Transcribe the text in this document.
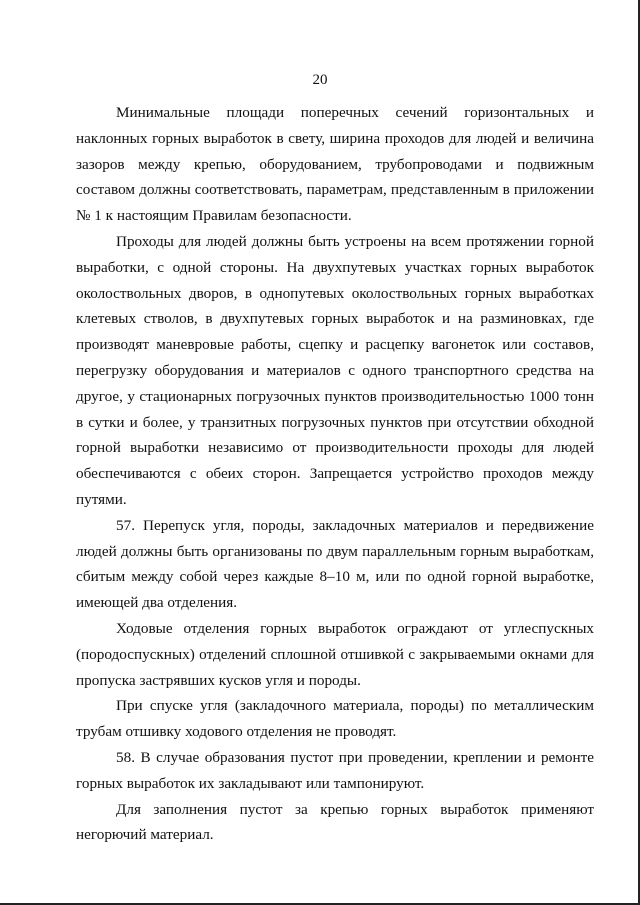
20

Минимальные площади поперечных сечений горизонтальных и наклонных горных выработок в свету, ширина проходов для людей и величина зазоров между крепью, оборудованием, трубопроводами и подвижным составом должны соответствовать, параметрам, представленным в приложении № 1 к настоящим Правилам безопасности.

Проходы для людей должны быть устроены на всем протяжении горной выработки, с одной стороны. На двухпутевых участках горных выработок околоствольных дворов, в однопутевых околоствольных горных выработках клетевых стволов, в двухпутевых горных выработок и на разминовках, где производят маневровые работы, сцепку и расцепку вагонеток или составов, перегрузку оборудования и материалов с одного транспортного средства на другое, у стационарных погрузочных пунктов производительностью 1000 тонн в сутки и более, у транзитных погрузочных пунктов при отсутствии обходной горной выработки независимо от производительности проходы для людей обеспечиваются с обеих сторон. Запрещается устройство проходов между путями.

57. Перепуск угля, породы, закладочных материалов и передвижение людей должны быть организованы по двум параллельным горным выработкам, сбитым между собой через каждые 8–10 м, или по одной горной выработке, имеющей два отделения.

Ходовые отделения горных выработок ограждают от углеспускных (породоспускных) отделений сплошной отшивкой с закрываемыми окнами для пропуска застрявших кусков угля и породы.

При спуске угля (закладочного материала, породы) по металлическим трубам отшивку ходового отделения не проводят.

58. В случае образования пустот при проведении, креплении и ремонте горных выработок их закладывают или тампонируют.

Для заполнения пустот за крепью горных выработок применяют негорючий материал.
